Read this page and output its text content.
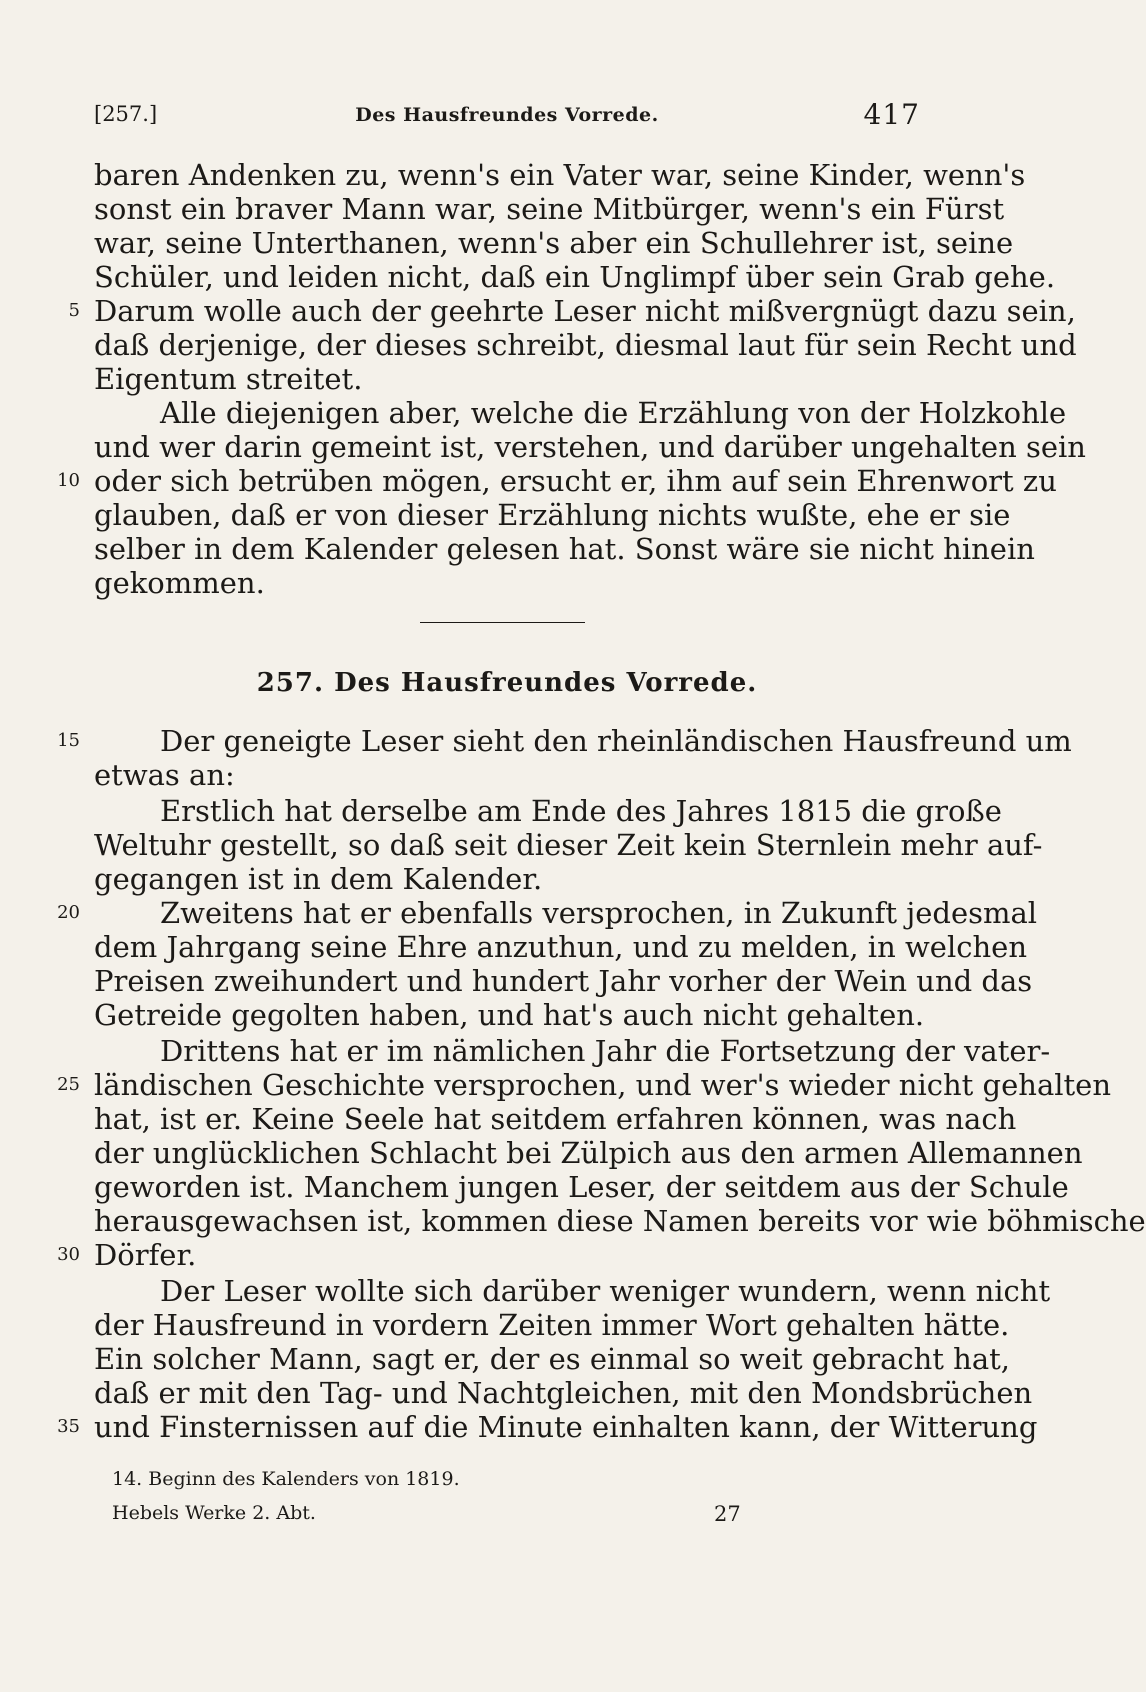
[257.]	Des Hausfreundes Vorrede.	417
baren Andenken zu, wenn's ein Vater war, seine Kinder, wenn's
sonst ein braver Mann war, seine Mitbürger, wenn's ein Fürst
war, seine Unterthanen, wenn's aber ein Schullehrer ist, seine
Schüler, und leiden nicht, daß ein Unglimpf über sein Grab gehe.
Darum wolle auch der geehrte Leser nicht mißvergnügt dazu sein,
5
daß derjenige, der dieses schreibt, diesmal laut für sein Recht und
Eigentum streitet.
Alle diejenigen aber, welche die Erzählung von der Holzkohle
und wer darin gemeint ist, verstehen, und darüber ungehalten sein
oder sich betrüben mögen, ersucht er, ihm auf sein Ehrenwort zu
10
glauben, daß er von dieser Erzählung nichts wußte, ehe er sie
selber in dem Kalender gelesen hat. Sonst wäre sie nicht hinein
gekommen.
257. Des Hausfreundes Vorrede.
Der geneigte Leser sieht den rheinländischen Hausfreund um
15
etwas an:
Erstlich hat derselbe am Ende des Jahres 1815 die große
Weltuhr gestellt, so daß seit dieser Zeit kein Sternlein mehr auf-
gegangen ist in dem Kalender.
Zweitens hat er ebenfalls versprochen, in Zukunft jedesmal
20
dem Jahrgang seine Ehre anzuthun, und zu melden, in welchen
Preisen zweihundert und hundert Jahr vorher der Wein und das
Getreide gegolten haben, und hat's auch nicht gehalten.
Drittens hat er im nämlichen Jahr die Fortsetzung der vater-
ländischen Geschichte versprochen, und wer's wieder nicht gehalten
25
hat, ist er. Keine Seele hat seitdem erfahren können, was nach
der unglücklichen Schlacht bei Zülpich aus den armen Allemannen
geworden ist. Manchem jungen Leser, der seitdem aus der Schule
herausgewachsen ist, kommen diese Namen bereits vor wie böhmische
Dörfer.
30
Der Leser wollte sich darüber weniger wundern, wenn nicht
der Hausfreund in vordern Zeiten immer Wort gehalten hätte.
Ein solcher Mann, sagt er, der es einmal so weit gebracht hat,
daß er mit den Tag- und Nachtgleichen, mit den Mondsbrüchen
und Finsternissen auf die Minute einhalten kann, der Witterung
35
14. Beginn des Kalenders von 1819.
Hebels Werke 2. Abt.	27
